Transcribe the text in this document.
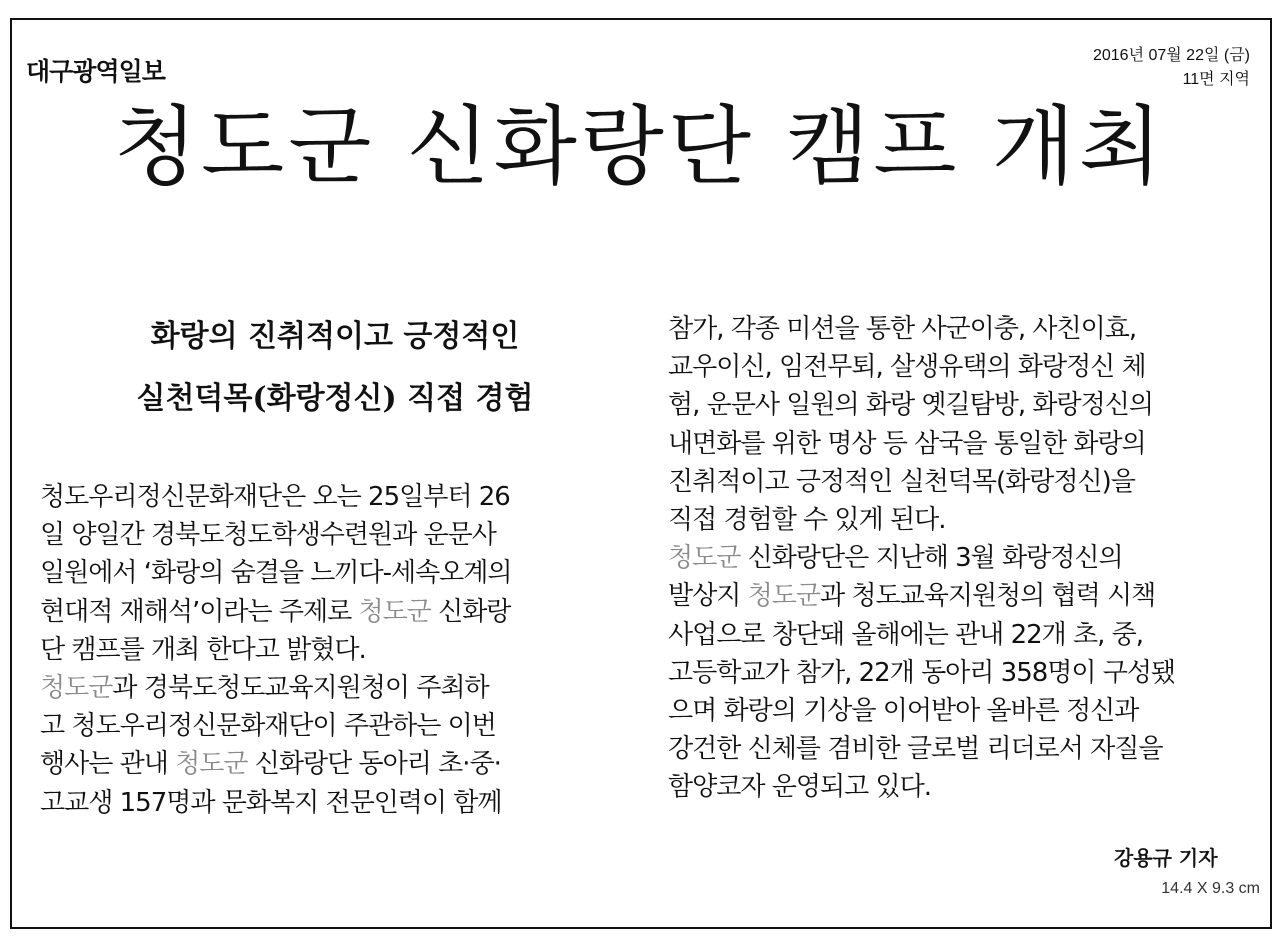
대구광역일보
2016년 07월 22일 (금)
11면 지역
청도군 신화랑단 캠프 개최
화랑의 진취적이고 긍정적인
실천덕목(화랑정신) 직접 경험
청도우리정신문화재단은 오는 25일부터 26
일 양일간 경북도청도학생수련원과 운문사
일원에서 ‘화랑의 숨결을 느끼다-세속오계의
현대적 재해석’이라는 주제로 청도군 신화랑
단 캠프를 개최 한다고 밝혔다.
청도군과 경북도청도교육지원청이 주최하
고 청도우리정신문화재단이 주관하는 이번
행사는 관내 청도군 신화랑단 동아리 초·중·
고교생 157명과 문화복지 전문인력이 함께
참가, 각종 미션을 통한 사군이충, 사친이효,
교우이신, 임전무퇴, 살생유택의 화랑정신 체
험, 운문사 일원의 화랑 옛길탐방, 화랑정신의
내면화를 위한 명상 등 삼국을 통일한 화랑의
진취적이고 긍정적인 실천덕목(화랑정신)을
직접 경험할 수 있게 된다.
청도군 신화랑단은 지난해 3월 화랑정신의
발상지 청도군과 청도교육지원청의 협력 시책
사업으로 창단돼 올해에는 관내 22개 초, 중,
고등학교가 참가, 22개 동아리 358명이 구성됐
으며 화랑의 기상을 이어받아 올바른 정신과
강건한 신체를 겸비한 글로벌 리더로서 자질을
함양코자 운영되고 있다.
강용규 기자
14.4 X 9.3 cm
